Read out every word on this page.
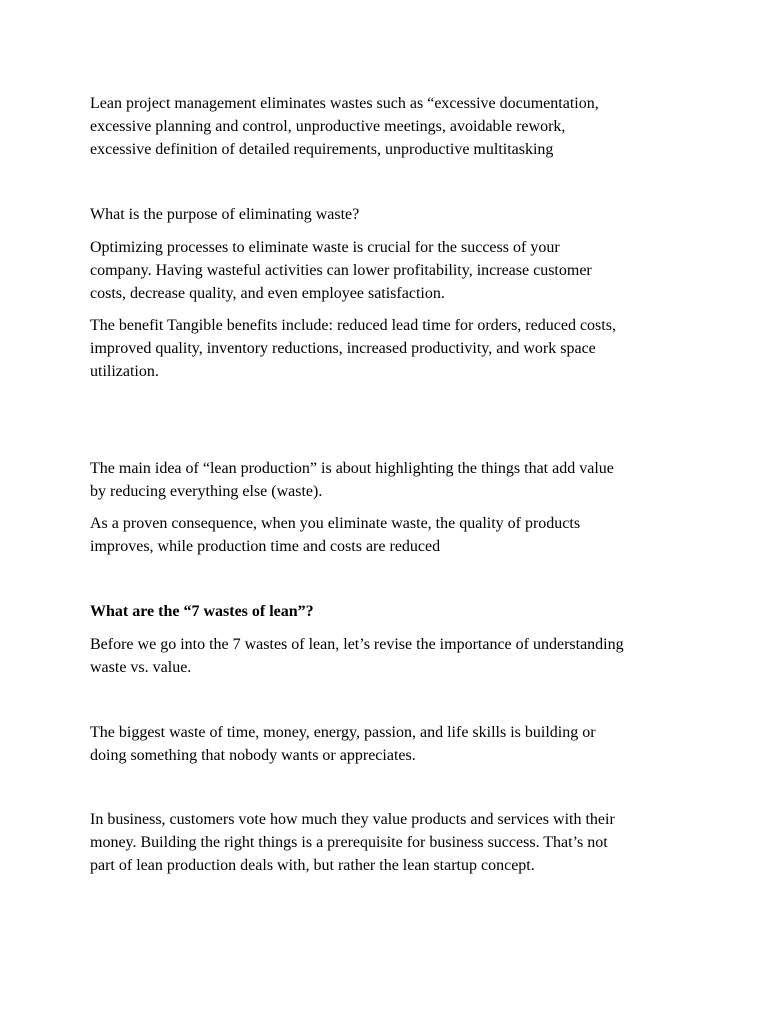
Lean project management eliminates wastes such as “excessive documentation,
excessive planning and control, unproductive meetings, avoidable rework,
excessive definition of detailed requirements, unproductive multitasking

What is the purpose of eliminating waste?

Optimizing processes to eliminate waste is crucial for the success of your
company. Having wasteful activities can lower profitability, increase customer
costs, decrease quality, and even employee satisfaction.

The benefit Tangible benefits include: reduced lead time for orders, reduced costs,
improved quality, inventory reductions, increased productivity, and work space
utilization.

The main idea of “lean production” is about highlighting the things that add value
by reducing everything else (waste).

As a proven consequence, when you eliminate waste, the quality of products
improves, while production time and costs are reduced

What are the “7 wastes of lean”?

Before we go into the 7 wastes of lean, let’s revise the importance of understanding
waste vs. value.

The biggest waste of time, money, energy, passion, and life skills is building or
doing something that nobody wants or appreciates.

In business, customers vote how much they value products and services with their
money. Building the right things is a prerequisite for business success. That’s not
part of lean production deals with, but rather the lean startup concept.
